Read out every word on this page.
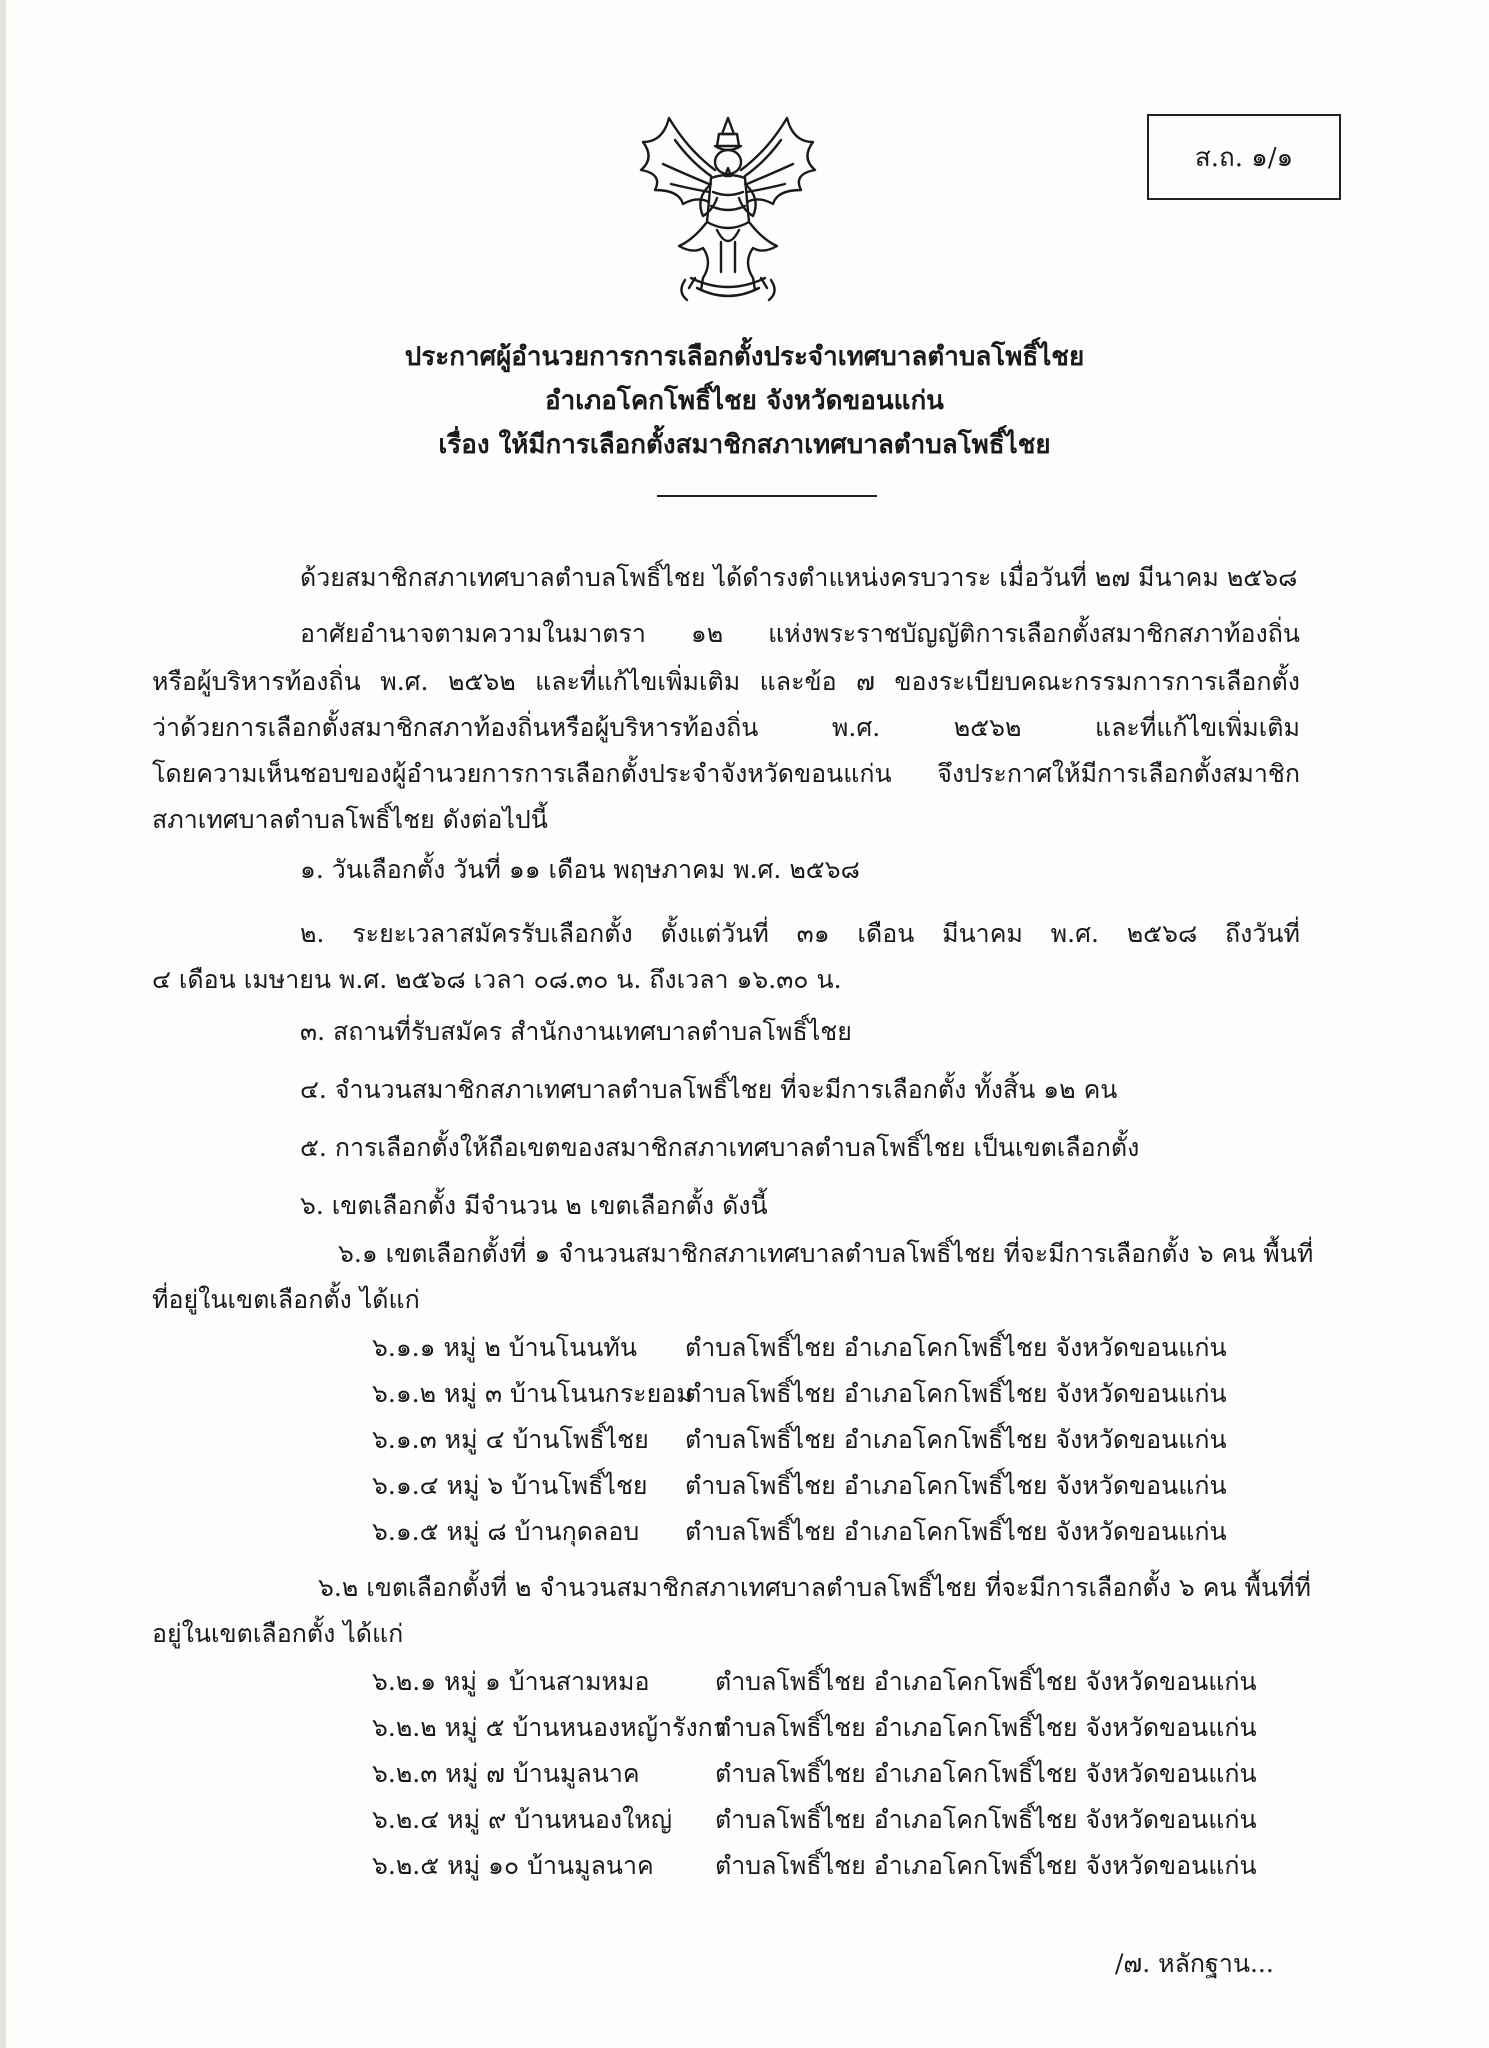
ส.ถ. ๑/๑
ประกาศผู้อำนวยการการเลือกตั้งประจำเทศบาลตำบลโพธิ์ไชย
อำเภอโคกโพธิ์ไชย จังหวัดขอนแก่น
เรื่อง ให้มีการเลือกตั้งสมาชิกสภาเทศบาลตำบลโพธิ์ไชย
ด้วยสมาชิกสภาเทศบาลตำบลโพธิ์ไชย ได้ดำรงตำแหน่งครบวาระ เมื่อวันที่ ๒๗ มีนาคม ๒๕๖๘
อาศัยอำนาจตามความในมาตรา ๑๒ แห่งพระราชบัญญัติการเลือกตั้งสมาชิกสภาท้องถิ่น
หรือผู้บริหารท้องถิ่น พ.ศ. ๒๕๖๒ และที่แก้ไขเพิ่มเติม และข้อ ๗ ของระเบียบคณะกรรมการการเลือกตั้ง
ว่าด้วยการเลือกตั้งสมาชิกสภาท้องถิ่นหรือผู้บริหารท้องถิ่น พ.ศ. ๒๕๖๒ และที่แก้ไขเพิ่มเติม
โดยความเห็นชอบของผู้อำนวยการการเลือกตั้งประจำจังหวัดขอนแก่น จึงประกาศให้มีการเลือกตั้งสมาชิก
สภาเทศบาลตำบลโพธิ์ไชย ดังต่อไปนี้
๑. วันเลือกตั้ง วันที่ ๑๑ เดือน พฤษภาคม พ.ศ. ๒๕๖๘
๒. ระยะเวลาสมัครรับเลือกตั้ง ตั้งแต่วันที่ ๓๑ เดือน มีนาคม พ.ศ. ๒๕๖๘ ถึงวันที่
๔ เดือน เมษายน พ.ศ. ๒๕๖๘ เวลา ๐๘.๓๐ น. ถึงเวลา ๑๖.๓๐ น.
๓. สถานที่รับสมัคร สำนักงานเทศบาลตำบลโพธิ์ไชย
๔. จำนวนสมาชิกสภาเทศบาลตำบลโพธิ์ไชย ที่จะมีการเลือกตั้ง ทั้งสิ้น ๑๒ คน
๕. การเลือกตั้งให้ถือเขตของสมาชิกสภาเทศบาลตำบลโพธิ์ไชย เป็นเขตเลือกตั้ง
๖. เขตเลือกตั้ง มีจำนวน ๒ เขตเลือกตั้ง ดังนี้
๖.๑ เขตเลือกตั้งที่ ๑ จำนวนสมาชิกสภาเทศบาลตำบลโพธิ์ไชย ที่จะมีการเลือกตั้ง ๖ คน พื้นที่
ที่อยู่ในเขตเลือกตั้ง ได้แก่
๖.๑.๑ หมู่ ๒ บ้านโนนทัน ตำบลโพธิ์ไชย อำเภอโคกโพธิ์ไชย จังหวัดขอนแก่น
๖.๑.๒ หมู่ ๓ บ้านโนนกระยอม
ตำบลโพธิ์ไชย อำเภอโคกโพธิ์ไชย จังหวัดขอนแก่น
๖.๑.๓ หมู่ ๔ บ้านโพธิ์ไชย ตำบลโพธิ์ไชย อำเภอโคกโพธิ์ไชย จังหวัดขอนแก่น
๖.๑.๔ หมู่ ๖ บ้านโพธิ์ไชย ตำบลโพธิ์ไชย อำเภอโคกโพธิ์ไชย จังหวัดขอนแก่น
๖.๑.๕ หมู่ ๘ บ้านกุดลอบ ตำบลโพธิ์ไชย อำเภอโคกโพธิ์ไชย จังหวัดขอนแก่น
๖.๒ เขตเลือกตั้งที่ ๒ จำนวนสมาชิกสภาเทศบาลตำบลโพธิ์ไชย ที่จะมีการเลือกตั้ง ๖ คน พื้นที่ที่
อยู่ในเขตเลือกตั้ง ได้แก่
๖.๒.๑ หมู่ ๑ บ้านสามหมอ	ตำบลโพธิ์ไชย อำเภอโคกโพธิ์ไชย จังหวัดขอนแก่น
๖.๒.๒ หมู่ ๕ บ้านหนองหญ้ารังกา
ตำบลโพธิ์ไชย อำเภอโคกโพธิ์ไชย จังหวัดขอนแก่น
๖.๒.๓ หมู่ ๗ บ้านมูลนาค	ตำบลโพธิ์ไชย อำเภอโคกโพธิ์ไชย จังหวัดขอนแก่น
๖.๒.๔ หมู่ ๙ บ้านหนองใหญ่ ตำบลโพธิ์ไชย อำเภอโคกโพธิ์ไชย จังหวัดขอนแก่น
๖.๒.๕ หมู่ ๑๐ บ้านมูลนาค ตำบลโพธิ์ไชย อำเภอโคกโพธิ์ไชย จังหวัดขอนแก่น
/๗. หลักฐาน...
